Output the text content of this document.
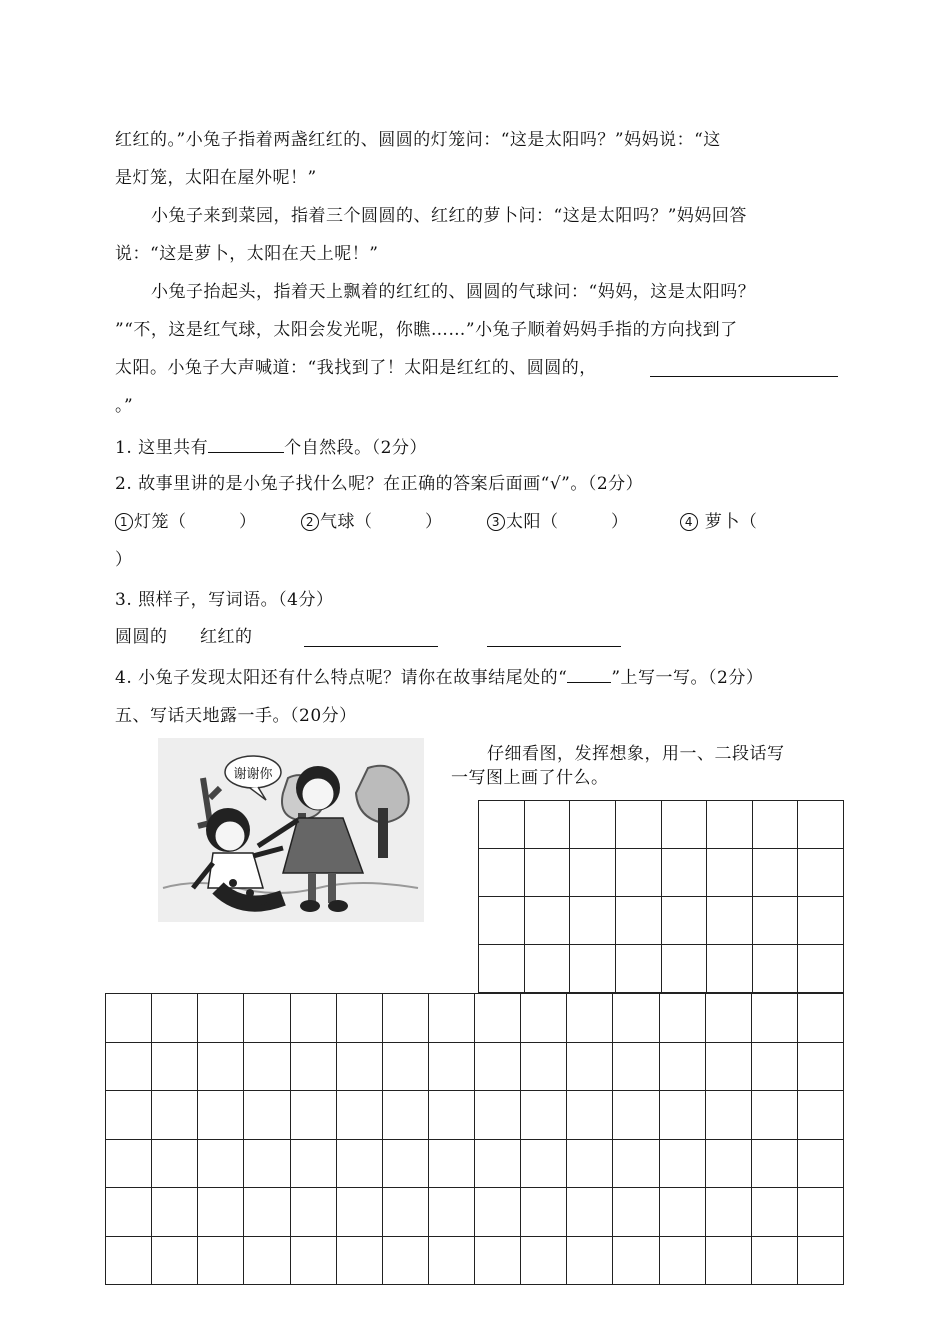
红红的。”小兔子指着两盏红红的、圆圆的灯笼问：“这是太阳吗？”妈妈说：“这
是灯笼，太阳在屋外呢！”
小兔子来到菜园，指着三个圆圆的、红红的萝卜问：“这是太阳吗？”妈妈回答
说：“这是萝卜，太阳在天上呢！”
小兔子抬起头，指着天上飘着的红红的、圆圆的气球问：“妈妈，这是太阳吗？
”“不，这是红气球，太阳会发光呢，你瞧……”小兔子顺着妈妈手指的方向找到了
太阳。小兔子大声喊道：“我找到了！太阳是红红的、圆圆的，
。”
1. 这里共有	个自然段。（2分）
2. 故事里讲的是小兔子找什么呢？在正确的答案后面画“√”。（2分）
1 灯笼（　　　）	2 气球（　　　）	3 太阳（　　　）	4 萝卜（
）
3. 照样子，写词语。（4分）
圆圆的 红红的
4. 小兔子发现太阳还有什么特点呢？请你在故事结尾处的“	”上写一写。（2分）
五、写话天地露一手。（20分）
谢谢你
仔细看图，发挥想象，用一、二段话写
一写图上画了什么。
